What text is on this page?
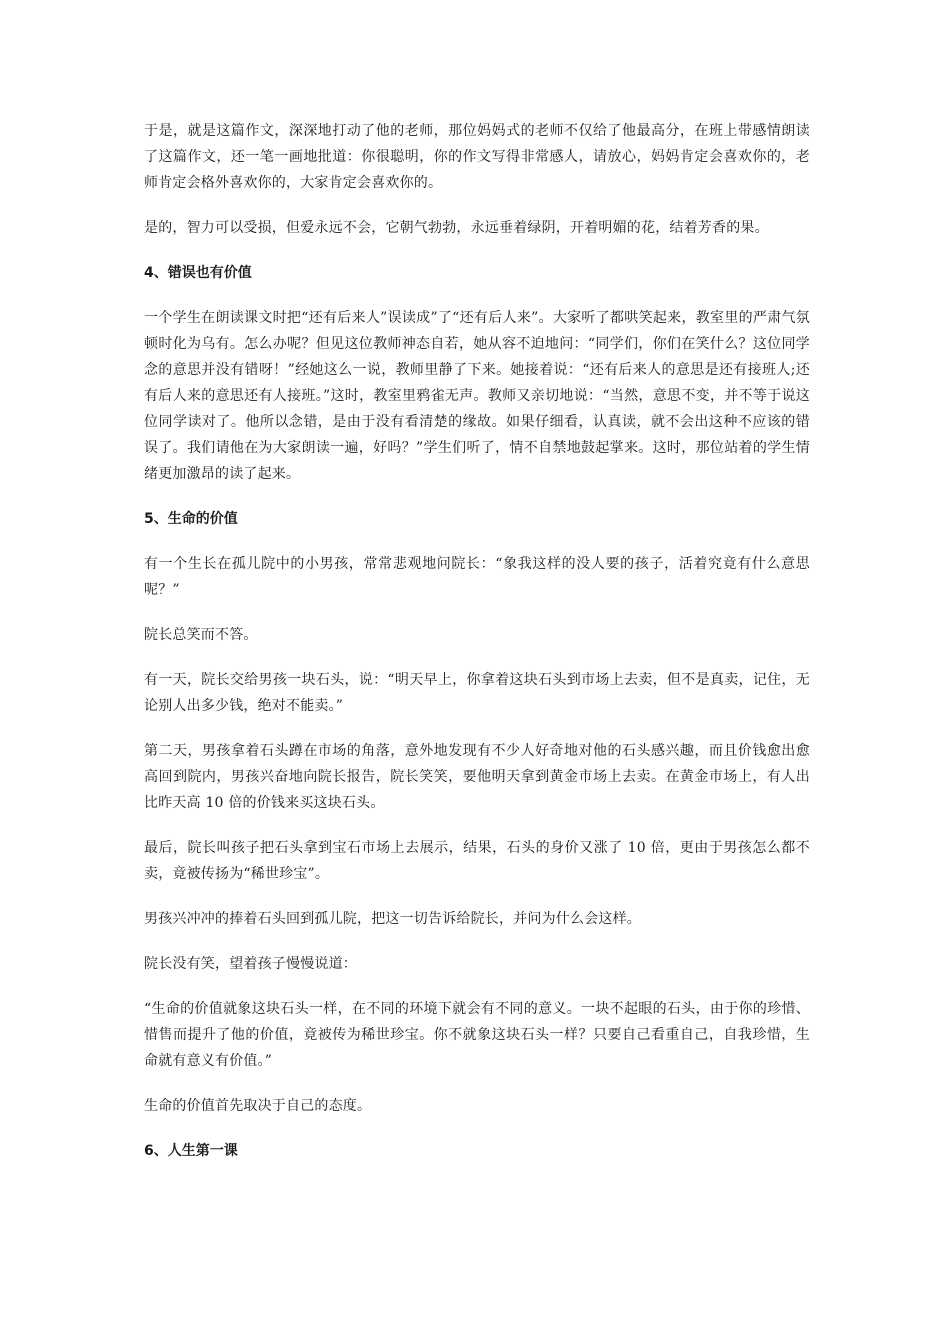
于是，就是这篇作文，深深地打动了他的老师，那位妈妈式的老师不仅给了他最高分，在班上带感情朗读了这篇作文，还一笔一画地批道：你很聪明，你的作文写得非常感人，请放心，妈妈肯定会喜欢你的，老师肯定会格外喜欢你的，大家肯定会喜欢你的。

是的，智力可以受损，但爱永远不会，它朝气勃勃，永远垂着绿阴，开着明媚的花，结着芳香的果。

4、错误也有价值

一个学生在朗读课文时把“还有后来人”误读成”了“还有后人来”。大家听了都哄笑起来，教室里的严肃气氛顿时化为乌有。怎么办呢？但见这位教师神态自若，她从容不迫地问：“同学们，你们在笑什么？这位同学念的意思并没有错呀！”经她这么一说，教师里静了下来。她接着说：“还有后来人的意思是还有接班人;还有后人来的意思还有人接班。”这时，教室里鸦雀无声。教师又亲切地说：“当然，意思不变，并不等于说这位同学读对了。他所以念错，是由于没有看清楚的缘故。如果仔细看，认真读，就不会出这种不应该的错误了。我们请他在为大家朗读一遍，好吗？”学生们听了，情不自禁地鼓起掌来。这时，那位站着的学生情绪更加激昂的读了起来。

5、生命的价值

有一个生长在孤儿院中的小男孩，常常悲观地问院长：“象我这样的没人要的孩子，活着究竟有什么意思呢？”

院长总笑而不答。

有一天，院长交给男孩一块石头，说：“明天早上，你拿着这块石头到市场上去卖，但不是真卖，记住，无论别人出多少钱，绝对不能卖。”

第二天，男孩拿着石头蹲在市场的角落，意外地发现有不少人好奇地对他的石头感兴趣，而且价钱愈出愈高回到院内，男孩兴奋地向院长报告，院长笑笑，要他明天拿到黄金市场上去卖。在黄金市场上，有人出比昨天高 10 倍的价钱来买这块石头。

最后，院长叫孩子把石头拿到宝石市场上去展示，结果，石头的身价又涨了 10 倍，更由于男孩怎么都不卖，竟被传扬为“稀世珍宝”。

男孩兴冲冲的捧着石头回到孤儿院，把这一切告诉给院长，并问为什么会这样。

院长没有笑，望着孩子慢慢说道：

“生命的价值就象这块石头一样，在不同的环境下就会有不同的意义。一块不起眼的石头，由于你的珍惜、惜售而提升了他的价值，竟被传为稀世珍宝。你不就象这块石头一样？只要自己看重自己，自我珍惜，生命就有意义有价值。”

生命的价值首先取决于自己的态度。

6、人生第一课
